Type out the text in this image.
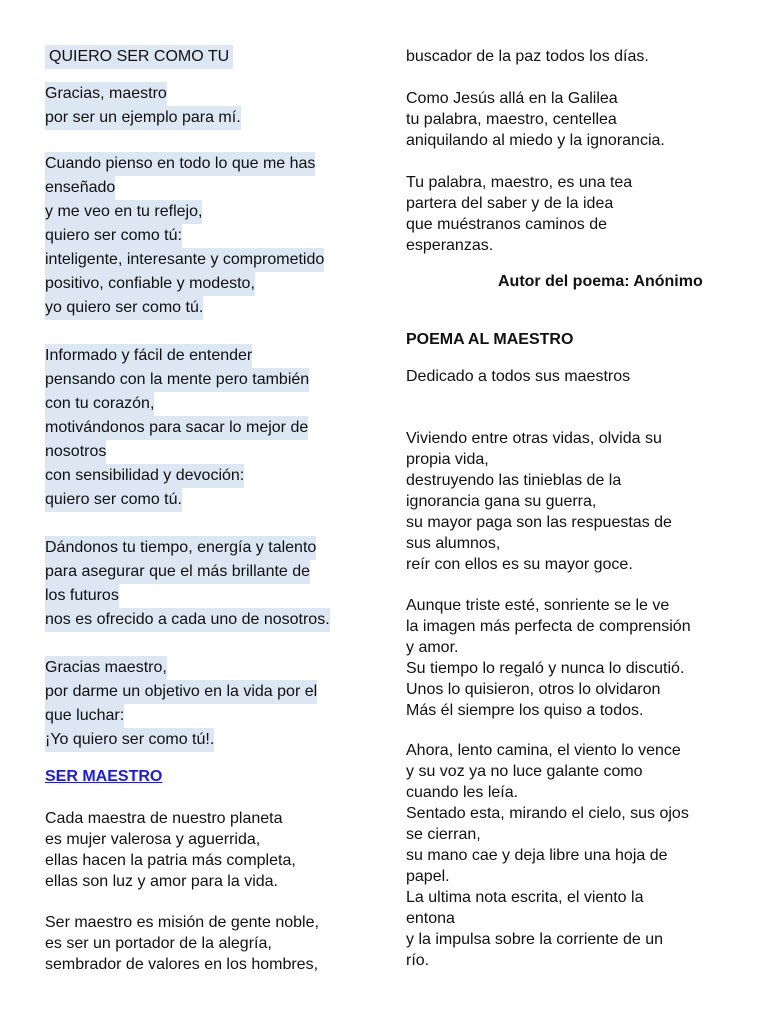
QUIERO SER COMO TU
Gracias, maestro
por ser un ejemplo para mí.
Cuando pienso en todo lo que me has
enseñado
y me veo en tu reflejo,
quiero ser como tú:
inteligente, interesante y comprometido
positivo, confiable y modesto,
yo quiero ser como tú.
Informado y fácil de entender
pensando con la mente pero también
con tu corazón,
motivándonos para sacar lo mejor de
nosotros
con sensibilidad y devoción:
quiero ser como tú.
Dándonos tu tiempo, energía y talento
para asegurar que el más brillante de
los futuros
nos es ofrecido a cada uno de nosotros.
Gracias maestro,
por darme un objetivo en la vida por el
que luchar:
¡Yo quiero ser como tú!.
SER MAESTRO
Cada maestra de nuestro planeta
es mujer valerosa y aguerrida,
ellas hacen la patria más completa,
ellas son luz y amor para la vida.
Ser maestro es misión de gente noble,
es ser un portador de la alegría,
sembrador de valores en los hombres,
buscador de la paz todos los días.
Como Jesús allá en la Galilea
tu palabra, maestro, centellea
aniquilando al miedo y la ignorancia.
Tu palabra, maestro, es una tea
partera del saber y de la idea
que muéstranos caminos de
esperanzas.
Autor del poema: Anónimo
POEMA AL MAESTRO
Dedicado a todos sus maestros
Viviendo entre otras vidas, olvida su
propia vida,
destruyendo las tinieblas de la
ignorancia gana su guerra,
su mayor paga son las respuestas de
sus alumnos,
reír con ellos es su mayor goce.
Aunque triste esté, sonriente se le ve
la imagen más perfecta de comprensión
y amor.
Su tiempo lo regaló y nunca lo discutió.
Unos lo quisieron, otros lo olvidaron
Más él siempre los quiso a todos.
Ahora, lento camina, el viento lo vence
y su voz ya no luce galante como
cuando les leía.
Sentado esta, mirando el cielo, sus ojos
se cierran,
su mano cae y deja libre una hoja de
papel.
La ultima nota escrita, el viento la
entona
y la impulsa sobre la corriente de un
río.
